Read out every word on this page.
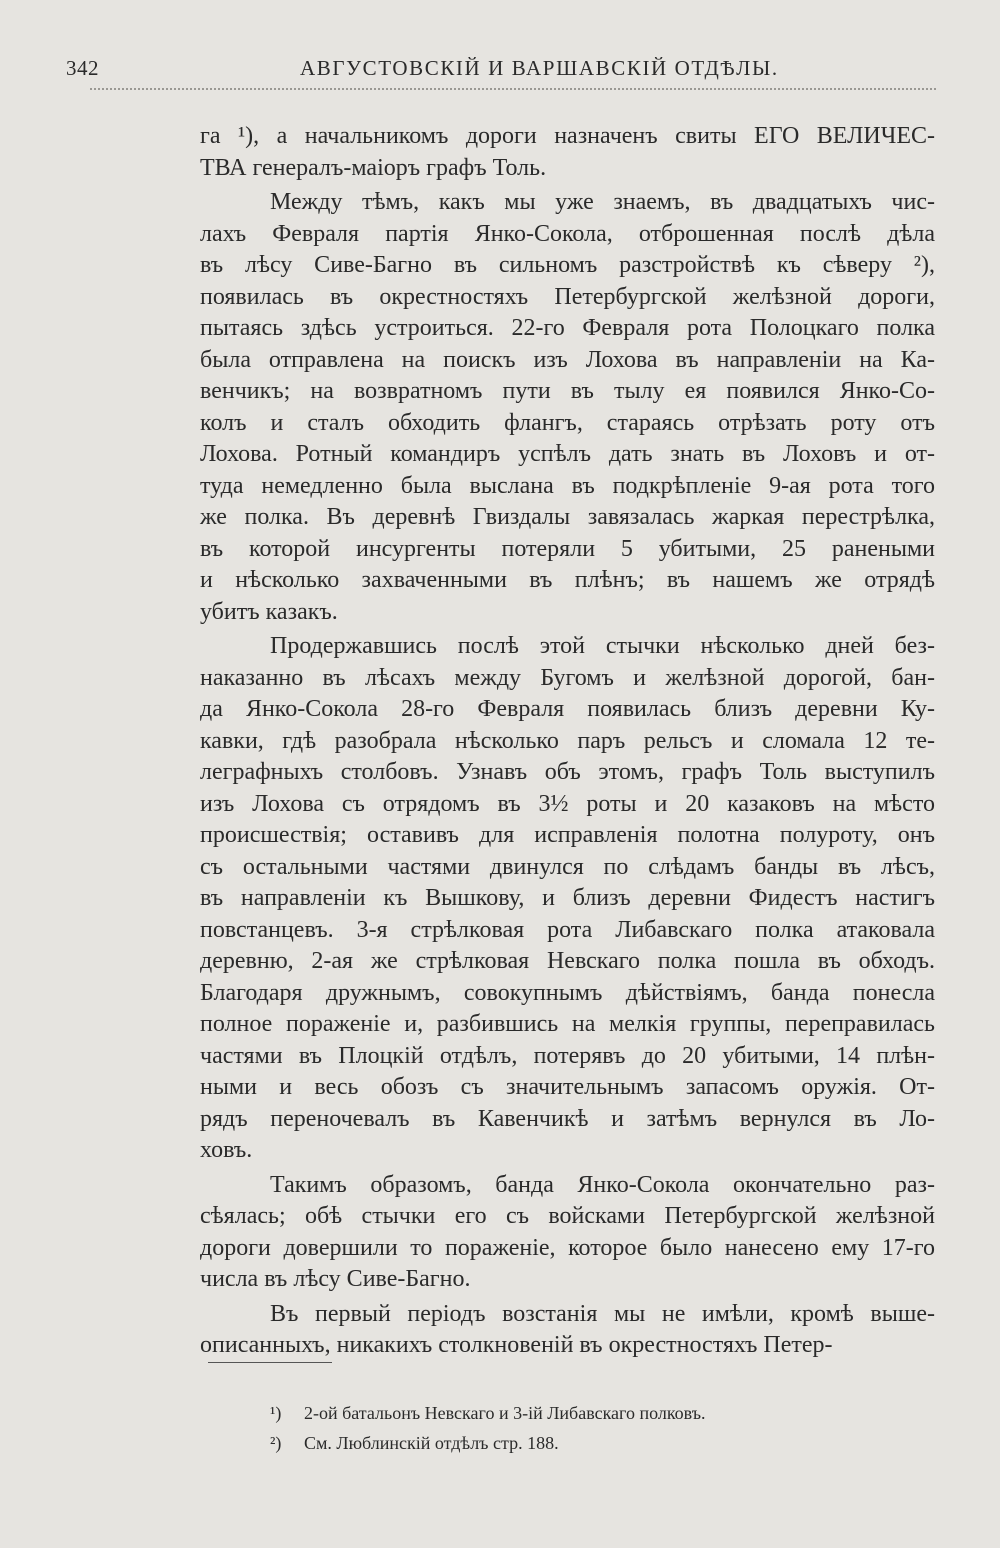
342	АВГУСТОВСКІЙ И ВАРШАВСКІЙ ОТДѢЛЫ.
га ¹), а начальникомъ дороги назначенъ свиты ЕГО ВЕЛИЧЕС-
ТВА генералъ-маіоръ графъ Толь.
Между тѣмъ, какъ мы уже знаемъ, въ двадцатыхъ чис-
лахъ Февраля партія Янко-Сокола, отброшенная послѣ дѣла
въ лѣсу Сиве-Багно въ сильномъ разстройствѣ къ сѣверу ²),
появилась въ окрестностяхъ Петербургской желѣзной дороги,
пытаясь здѣсь устроиться. 22-го Февраля рота Полоцкаго полка
была отправлена на поискъ изъ Лохова въ направленіи на Ка-
венчикъ; на возвратномъ пути въ тылу ея появился Янко-Со-
колъ и сталъ обходить флангъ, стараясь отрѣзать роту отъ
Лохова. Ротный командиръ успѣлъ дать знать въ Лоховъ и от-
туда немедленно была выслана въ подкрѣпленіе 9-ая рота того
же полка. Въ деревнѣ Гвиздалы завязалась жаркая перестрѣлка,
въ которой инсургенты потеряли 5 убитыми, 25 ранеными
и нѣсколько захваченными въ плѣнъ; въ нашемъ же отрядѣ
убитъ казакъ.
Продержавшись послѣ этой стычки нѣсколько дней без-
наказанно въ лѣсахъ между Бугомъ и желѣзной дорогой, бан-
да Янко-Сокола 28-го Февраля появилась близъ деревни Ку-
кавки, гдѣ разобрала нѣсколько паръ рельсъ и сломала 12 те-
леграфныхъ столбовъ. Узнавъ объ этомъ, графъ Толь выступилъ
изъ Лохова съ отрядомъ въ 3½ роты и 20 казаковъ на мѣсто
происшествія; оставивъ для исправленія полотна полуроту, онъ
съ остальными частями двинулся по слѣдамъ банды въ лѣсъ,
въ направленіи къ Вышкову, и близъ деревни Фидестъ настигъ
повстанцевъ. 3-я стрѣлковая рота Либавскаго полка атаковала
деревню, 2-ая же стрѣлковая Невскаго полка пошла въ обходъ.
Благодаря дружнымъ, совокупнымъ дѣйствіямъ, банда понесла
полное пораженіе и, разбившись на мелкія группы, переправилась
частями въ Плоцкій отдѣлъ, потерявъ до 20 убитыми, 14 плѣн-
ными и весь обозъ съ значительнымъ запасомъ оружія. От-
рядъ переночевалъ въ Кавенчикѣ и затѣмъ вернулся въ Ло-
ховъ.
Такимъ образомъ, банда Янко-Сокола окончательно раз-
сѣялась; обѣ стычки его съ войсками Петербургской желѣзной
дороги довершили то пораженіе, которое было нанесено ему 17-го
числа въ лѣсу Сиве-Багно.
Въ первый періодъ возстанія мы не имѣли, кромѣ выше-
описанныхъ, никакихъ столкновеній въ окрестностяхъ Петер-
¹) 2-ой батальонъ Невскаго и 3-ій Либавскаго полковъ.
²) См. Люблинскій отдѣлъ стр. 188.
